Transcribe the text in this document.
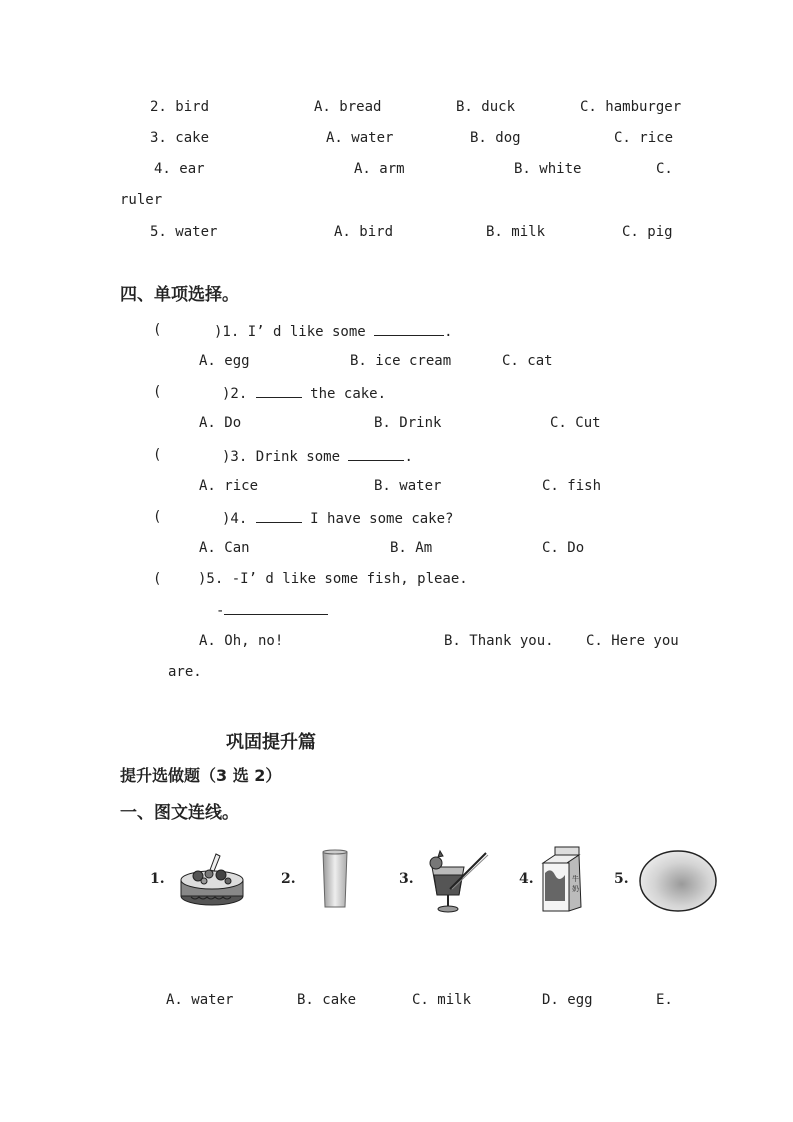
2. bird	A. bread	B. duck	C. hamburger
3. cake	A. water	B. dog	C. rice
4. ear	A. arm	B. white	C.
ruler
5. water	A. bird	B. milk	C. pig
四、单项选择。
(	)1. I’ d like some	.
A. egg	B. ice cream	C. cat
(	)2.	the cake.
A. Do	B. Drink	C. Cut
(	)3. Drink some	.
A. rice	B. water	C. fish
(	)4.	I have some cake?
A. Can	B. Am	C. Do
(	)5. -I’ d like some fish, pleae.
-
A. Oh, no!	B. Thank you. C. Here you
are.
巩固提升篇
提升选做题（3 选 2）
一、图文连线。
1.	2.	3.	4.	牛
奶
5.
A. water	B. cake	C. milk	D. egg	E.
